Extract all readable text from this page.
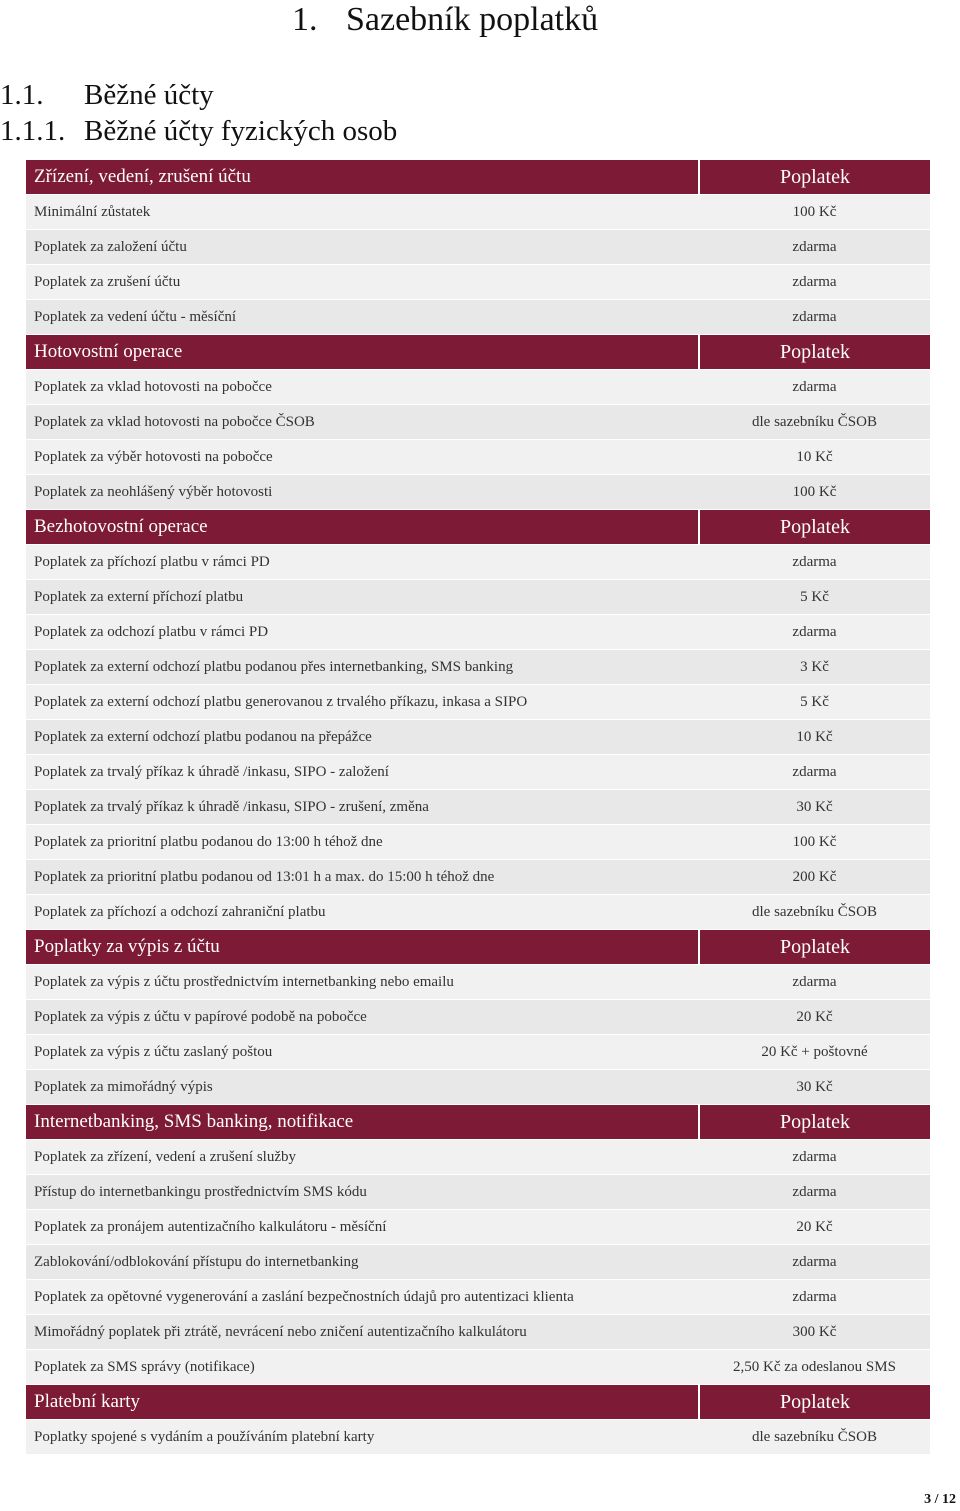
1. Sazebník poplatků
1.1. Běžné účty
1.1.1. Běžné účty fyzických osob
Zřízení, vedení, zrušení účtu	Poplatek
Minimální zůstatek	100 Kč
Poplatek za založení účtu	zdarma
Poplatek za zrušení účtu	zdarma
Poplatek za vedení účtu - měsíční	zdarma
Hotovostní operace	Poplatek
Poplatek za vklad hotovosti na pobočce	zdarma
Poplatek za vklad hotovosti na pobočce ČSOB	dle sazebníku ČSOB
Poplatek za výběr hotovosti na pobočce	10 Kč
Poplatek za neohlášený výběr hotovosti	100 Kč
Bezhotovostní operace	Poplatek
Poplatek za příchozí platbu v rámci PD	zdarma
Poplatek za externí příchozí platbu	5 Kč
Poplatek za odchozí platbu v rámci PD	zdarma
Poplatek za externí odchozí platbu podanou přes internetbanking, SMS banking	3 Kč
Poplatek za externí odchozí platbu generovanou z trvalého příkazu, inkasa a SIPO	5 Kč
Poplatek za externí odchozí platbu podanou na přepážce	10 Kč
Poplatek za trvalý příkaz k úhradě /inkasu, SIPO - založení	zdarma
Poplatek za trvalý příkaz k úhradě /inkasu, SIPO - zrušení, změna	30 Kč
Poplatek za prioritní platbu podanou do 13:00 h téhož dne	100 Kč
Poplatek za prioritní platbu podanou od 13:01 h a max. do 15:00 h téhož dne	200 Kč
Poplatek za příchozí a odchozí zahraniční platbu	dle sazebníku ČSOB
Poplatky za výpis z účtu	Poplatek
Poplatek za výpis z účtu prostřednictvím internetbanking nebo emailu	zdarma
Poplatek za výpis z účtu v papírové podobě na pobočce	20 Kč
Poplatek za výpis z účtu zaslaný poštou	20 Kč + poštovné
Poplatek za mimořádný výpis	30 Kč
Internetbanking, SMS banking, notifikace	Poplatek
Poplatek za zřízení, vedení a zrušení služby	zdarma
Přístup do internetbankingu prostřednictvím SMS kódu	zdarma
Poplatek za pronájem autentizačního kalkulátoru - měsíční	20 Kč
Zablokování/odblokování přístupu do internetbanking	zdarma
Poplatek za opětovné vygenerování a zaslání bezpečnostních údajů pro autentizaci klienta	zdarma
Mimořádný poplatek při ztrátě, nevrácení nebo zničení autentizačního kalkulátoru	300 Kč
Poplatek za SMS správy (notifikace)	2,50 Kč za odeslanou SMS
Platební karty	Poplatek
Poplatky spojené s vydáním a používáním platební karty	dle sazebníku ČSOB
3 / 12
